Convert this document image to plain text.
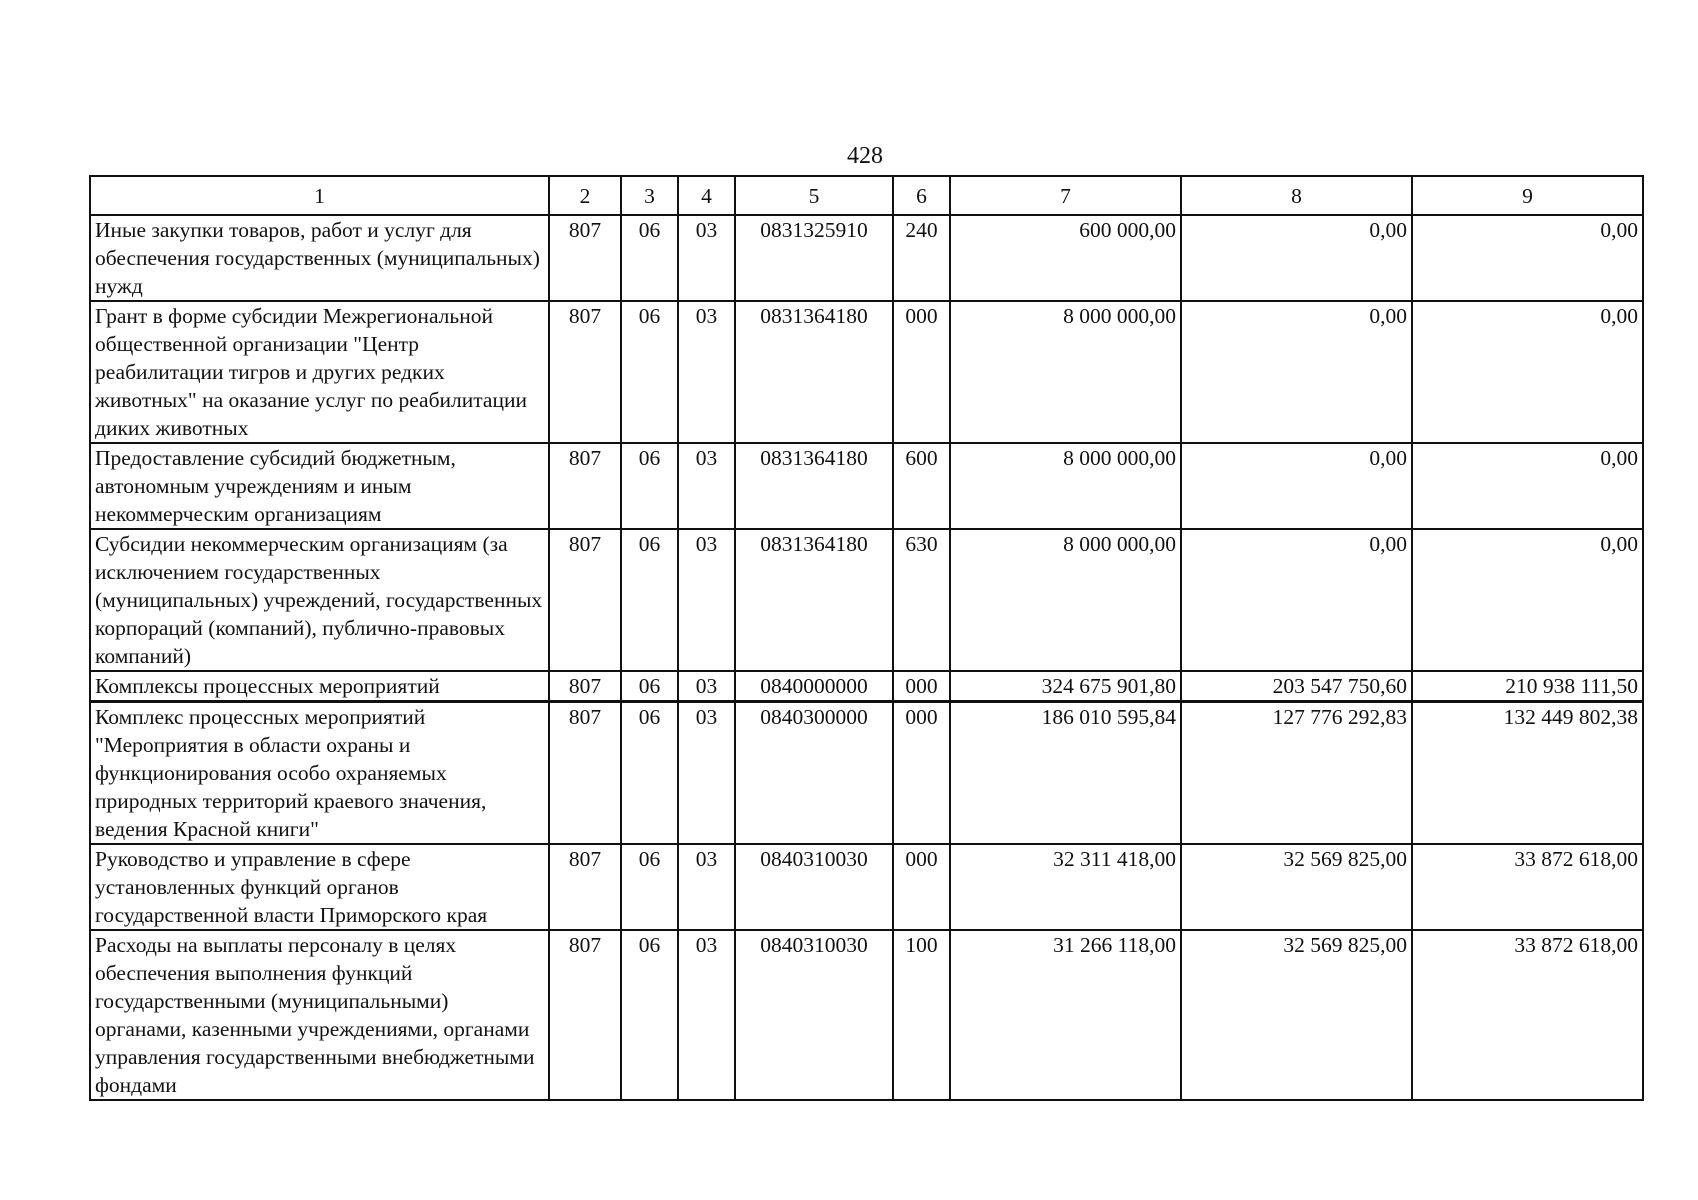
428
1	2	3	4	5	6	7	8	9
Иные закупки товаров, работ и услуг для обеспечения государственных (муниципальных) нужд	807	06	03	0831325910	240	600 000,00	0,00	0,00
Грант в форме субсидии Межрегиональной общественной организации "Центр реабилитации тигров и других редких животных" на оказание услуг по реабилитации диких животных	807	06	03	0831364180	000	8 000 000,00	0,00	0,00
Предоставление субсидий бюджетным, автономным учреждениям и иным некоммерческим организациям	807	06	03	0831364180	600	8 000 000,00	0,00	0,00
Субсидии некоммерческим организациям (за исключением государственных (муниципальных) учреждений, государственных корпораций (компаний), публично-правовых компаний)	807	06	03	0831364180	630	8 000 000,00	0,00	0,00
Комплексы процессных мероприятий	807	06	03	0840000000	000	324 675 901,80	203 547 750,60	210 938 111,50
Комплекс процессных мероприятий "Мероприятия в области охраны и функционирования особо охраняемых природных территорий краевого значения, ведения Красной книги"	807	06	03	0840300000	000	186 010 595,84	127 776 292,83	132 449 802,38
Руководство и управление в сфере установленных функций органов государственной власти Приморского края	807	06	03	0840310030	000	32 311 418,00	32 569 825,00	33 872 618,00
Расходы на выплаты персоналу в целях обеспечения выполнения функций государственными (муниципальными) органами, казенными учреждениями, органами управления государственными внебюджетными фондами	807	06	03	0840310030	100	31 266 118,00	32 569 825,00	33 872 618,00
